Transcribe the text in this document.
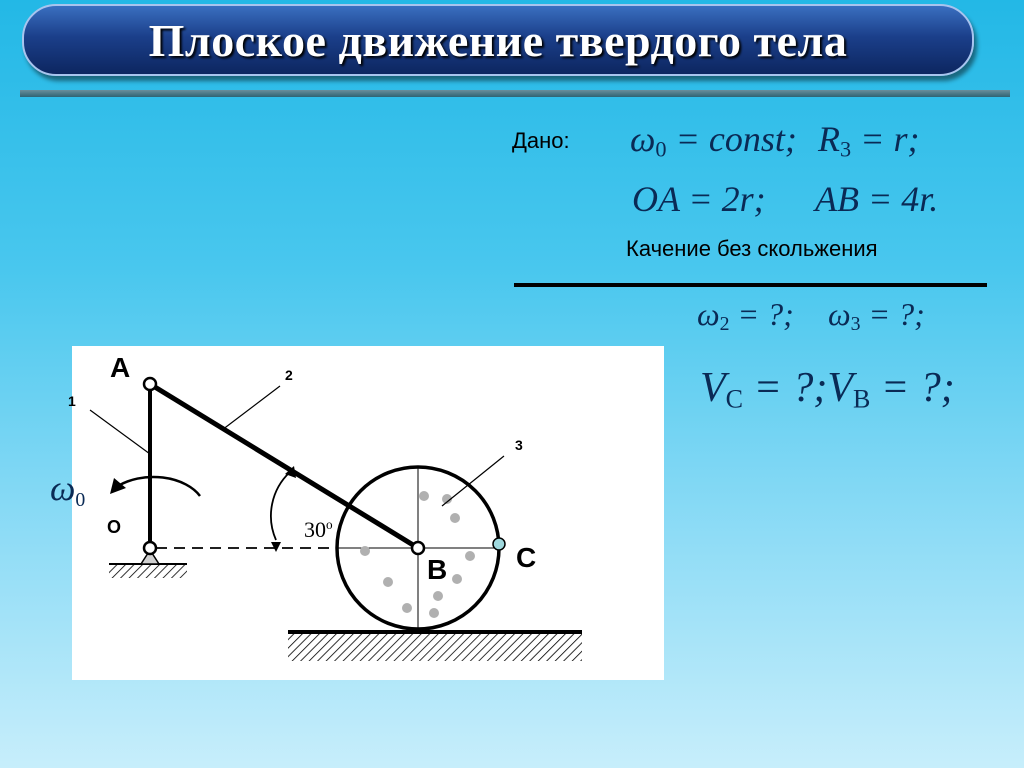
Плоское движение твердого тела
Дано: $\omega_0$ = const; $R_3 = r$;
OA = 2r; AB = 4r.
Качение без скольжения
$\omega_2$ = ?; $\omega_3$ = ?;
$V_C$ = $?;V_B$ = ?;
A
B C
O
1
2
3
$\omega_0$
30$^o$
